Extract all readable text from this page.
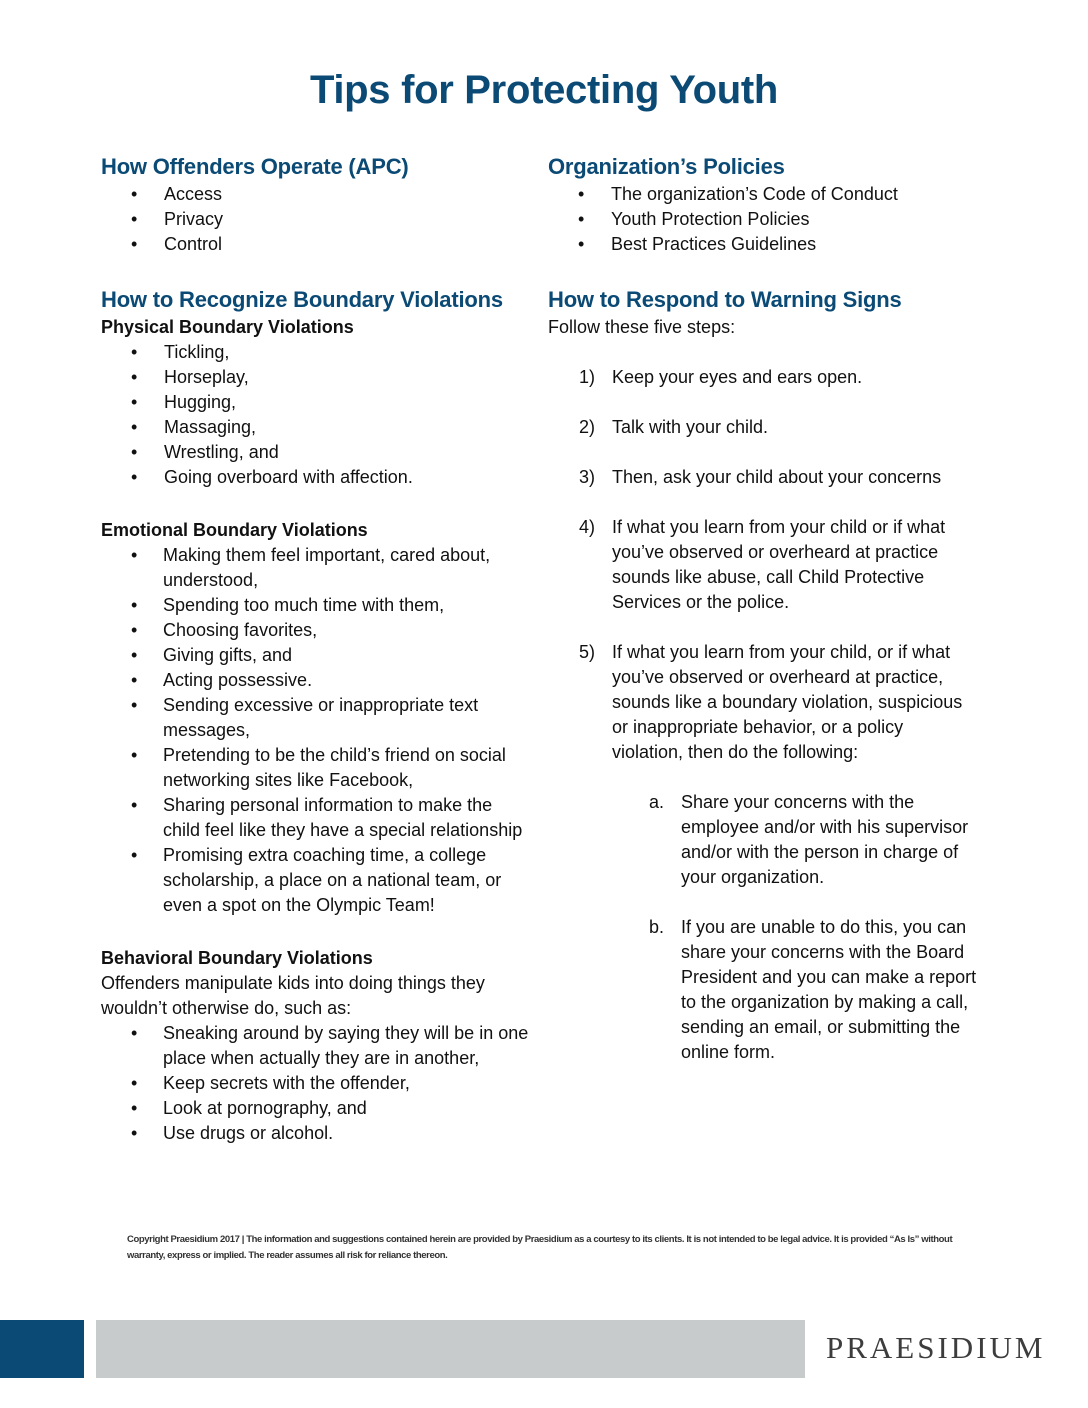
Tips for Protecting Youth
How Offenders Operate (APC)
• Access
• Privacy
• Control
How to Recognize Boundary Violations
Physical Boundary Violations
• Tickling,
• Horseplay,
• Hugging,
• Massaging,
• Wrestling, and
• Going overboard with affection.
Emotional Boundary Violations
• Making them feel important, cared about, understood,
• Spending too much time with them,
• Choosing favorites,
• Giving gifts, and
• Acting possessive.
• Sending excessive or inappropriate text messages,
• Pretending to be the child’s friend on social networking sites like Facebook,
• Sharing personal information to make the child feel like they have a special relationship
• Promising extra coaching time, a college scholarship, a place on a national team, or even a spot on the Olympic Team!
Behavioral Boundary Violations

Offenders manipulate kids into doing things they wouldn’t otherwise do, such as:

• Sneaking around by saying they will be in one place when actually they are in another,
• Keep secrets with the offender,
• Look at pornography, and
• Use drugs or alcohol.
Organization’s Policies
• The organization’s Code of Conduct
• Youth Protection Policies
• Best Practices Guidelines
How to Respond to Warning Signs

Follow these five steps:

1) Keep your eyes and ears open.
2) Talk with your child.
3) Then, ask your child about your concerns
4) If what you learn from your child or if what you’ve observed or overheard at practice sounds like abuse, call Child Protective Services or the police.
5) If what you learn from your child, or if what you’ve observed or overheard at practice, sounds like a boundary violation, suspicious or inappropriate behavior, or a policy violation, then do the following:
a. Share your concerns with the employee and/or with his supervisor and/or with the person in charge of your organization.
b. If you are unable to do this, you can share your concerns with the Board President and you can make a report to the organization by making a call, sending an email, or submitting the online form.
Copyright Praesidium 2017 | The information and suggestions contained herein are provided by Praesidium as a courtesy to its clients. It is not intended to be legal advice. It is provided “As Is” without warranty, express or implied. The reader assumes all risk for reliance thereon.
PRAESIDIUM
